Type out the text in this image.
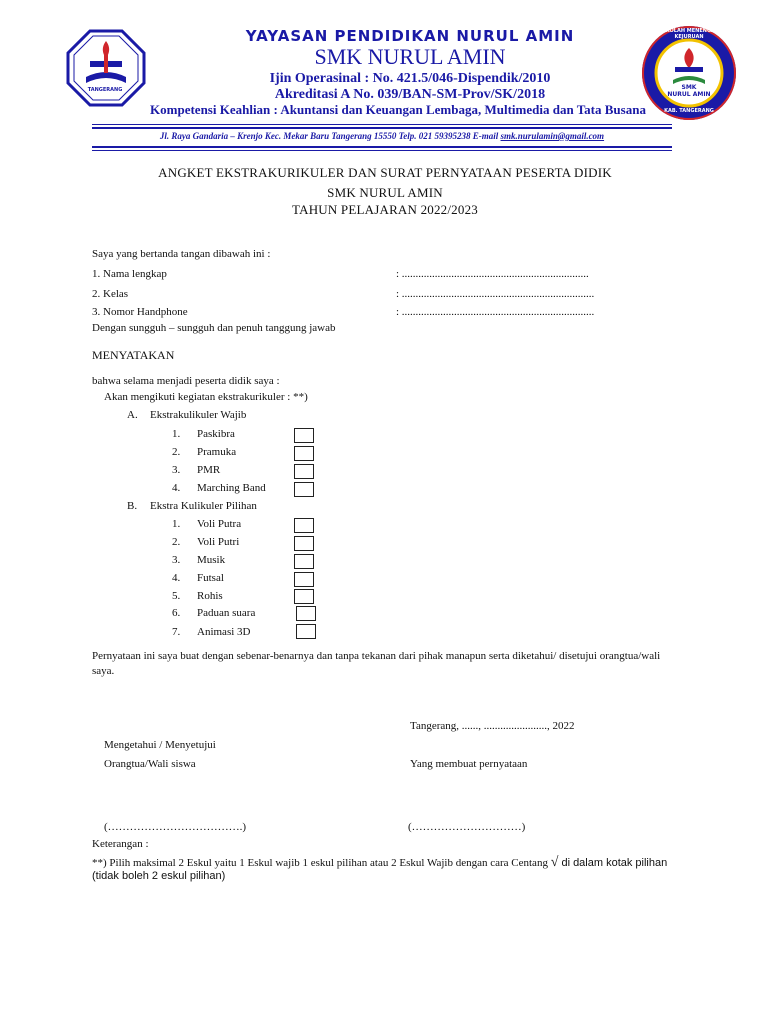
TANGERANG	SMK
NURUL AMIN
SEKOLAH MENENGAH KEJURUAN
KAB. TANGERANG
YAYASAN PENDIDIKAN NURUL AMIN
SMK NURUL AMIN
Ijin Operasinal : No. 421.5/046-Dispendik/2010
Akreditasi A No. 039/BAN-SM-Prov/SK/2018
Kompetensi Keahlian : Akuntansi dan Keuangan Lembaga, Multimedia dan Tata Busana
Jl. Raya Gandaria – Krenjo Kec. Mekar Baru Tangerang 15550 Telp. 021 59395238 E-mail smk.nurulamin@gmail.com
ANGKET EKSTRAKURIKULER DAN SURAT PERNYATAAN PESERTA DIDIK
SMK NURUL AMIN
TAHUN PELAJARAN 2022/2023
Saya yang bertanda tangan dibawah ini :
1. Nama lengkap	: ....................................................................
2. Kelas	: ......................................................................
3. Nomor Handphone	: ......................................................................
Dengan sungguh – sungguh dan penuh tanggung jawab
MENYATAKAN
bahwa selama menjadi peserta didik saya :
Akan mengikuti kegiatan ekstrakurikuler : **)
A. Ekstrakulikuler Wajib
1. Paskibra
2. Pramuka
3. PMR
4. Marching Band
B. Ekstra Kulikuler Pilihan
1. Voli Putra
2. Voli Putri
3. Musik
4. Futsal
5. Rohis
6. Paduan suara
7. Animasi 3D
Pernyataan ini saya buat dengan sebenar-benarnya dan tanpa tekanan dari pihak manapun serta diketahui/ disetujui orangtua/wali
saya.
Tangerang, ......, ......................., 2022
Mengetahui / Menyetujui
Orangtua/Wali siswa	Yang membuat pernyataan
(……………………………….)	(…………………………)
Keterangan :
**) Pilih maksimal 2 Eskul yaitu 1 Eskul wajib 1 eskul pilihan atau 2 Eskul Wajib dengan cara Centang √ di dalam kotak pilihan
(tidak boleh 2 eskul pilihan)
